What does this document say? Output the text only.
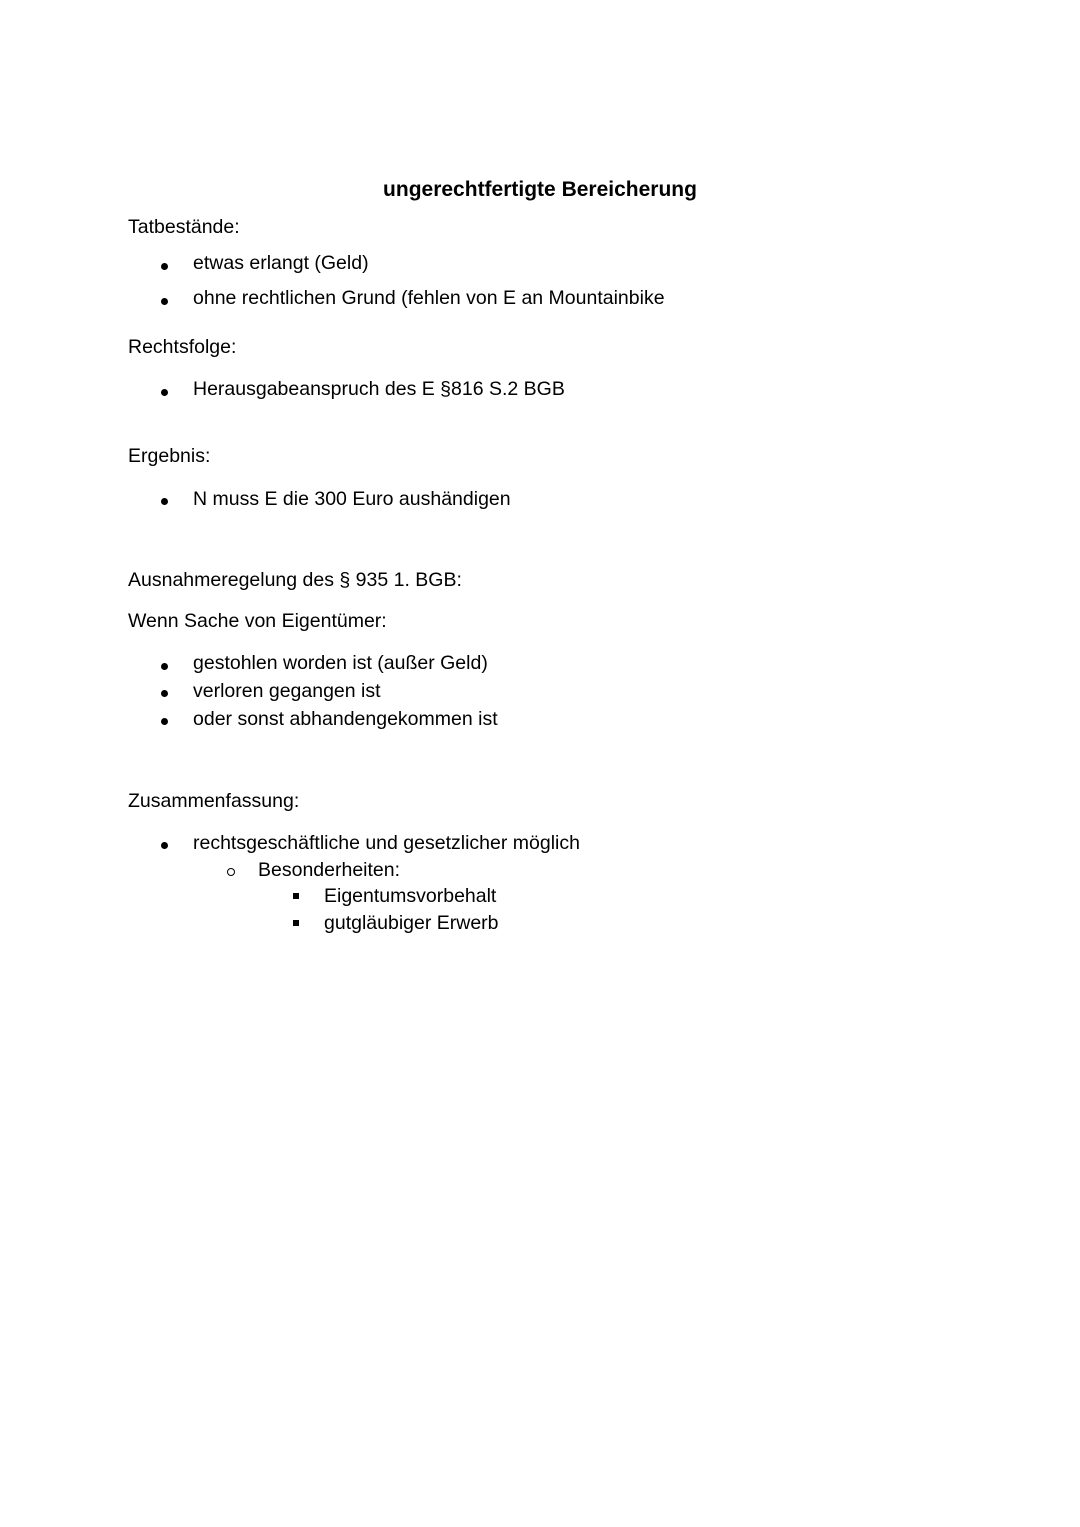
ungerechtfertigte Bereicherung
Tatbestände:
etwas erlangt (Geld)
ohne rechtlichen Grund (fehlen von E an Mountainbike
Rechtsfolge:
Herausgabeanspruch des E §816 S.2 BGB
Ergebnis:
N muss E die 300 Euro aushändigen
Ausnahmeregelung des § 935 1. BGB:
Wenn Sache von Eigentümer:
gestohlen worden ist (außer Geld)
verloren gegangen ist
oder sonst abhandengekommen ist
Zusammenfassung:
rechtsgeschäftliche und gesetzlicher möglich
Besonderheiten:
Eigentumsvorbehalt
gutgläubiger Erwerb
